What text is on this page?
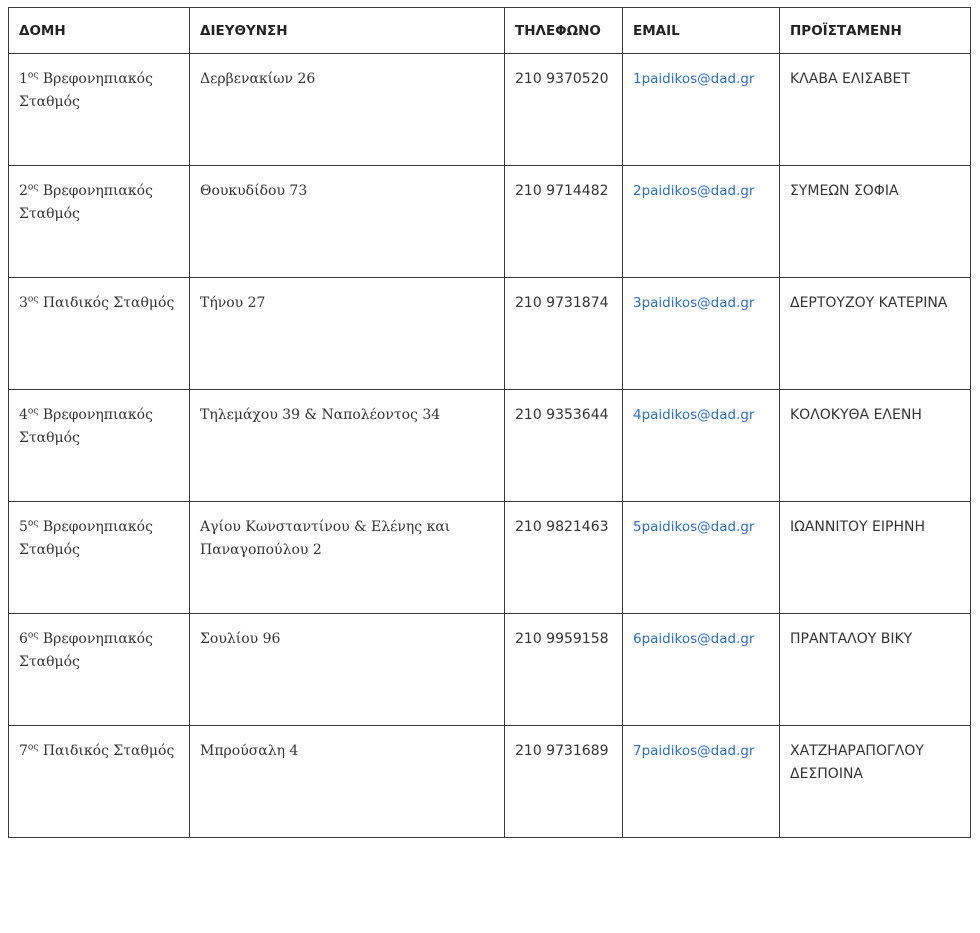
ΔΟΜΗ	ΔΙΕΥΘΥΝΣΗ	ΤΗΛΕΦΩΝΟ	EMAIL	ΠΡΟΪΣΤΑΜΕΝΗ
$1^{o\varsigma}$ Βρεφονηπιακός Σταθμός	Δερβενακίων 26	210 9370520	1paidikos@dad.gr	ΚΛΑΒΑ ΕΛΙΣΑΒΕΤ
$2^{o\varsigma}$ Βρεφονηπιακός Σταθμός	Θουκυδίδου 73	210 9714482	2paidikos@dad.gr	ΣΥΜΕΩΝ ΣΟΦΙΑ
$3^{o\varsigma}$ Παιδικός Σταθμός	Τήνου 27	210 9731874	3paidikos@dad.gr	ΔΕΡΤΟΥΖΟΥ ΚΑΤΕΡΙΝΑ
$4^{o\varsigma}$ Βρεφονηπιακός Σταθμός	Τηλεμάχου 39 & Ναπολέοντος 34	210 9353644	4paidikos@dad.gr	ΚΟΛΟΚΥΘΑ ΕΛΕΝΗ
$5^{o\varsigma}$ Βρεφονηπιακός Σταθμός	Αγίου Κωνσταντίνου & Ελένης και Παναγοπούλου 2	210 9821463	5paidikos@dad.gr	ΙΩΑΝΝΙΤΟΥ ΕΙΡΗΝΗ
$6^{o\varsigma}$ Βρεφονηπιακός Σταθμός	Σουλίου 96	210 9959158	6paidikos@dad.gr	ΠΡΑΝΤΑΛΟΥ ΒΙΚΥ
$7^{o\varsigma}$ Παιδικός Σταθμός	Μπρούσαλη 4	210 9731689	7paidikos@dad.gr	ΧΑΤΖΗΑΡΑΠΟΓΛΟΥ ΔΕΣΠΟΙΝΑ
